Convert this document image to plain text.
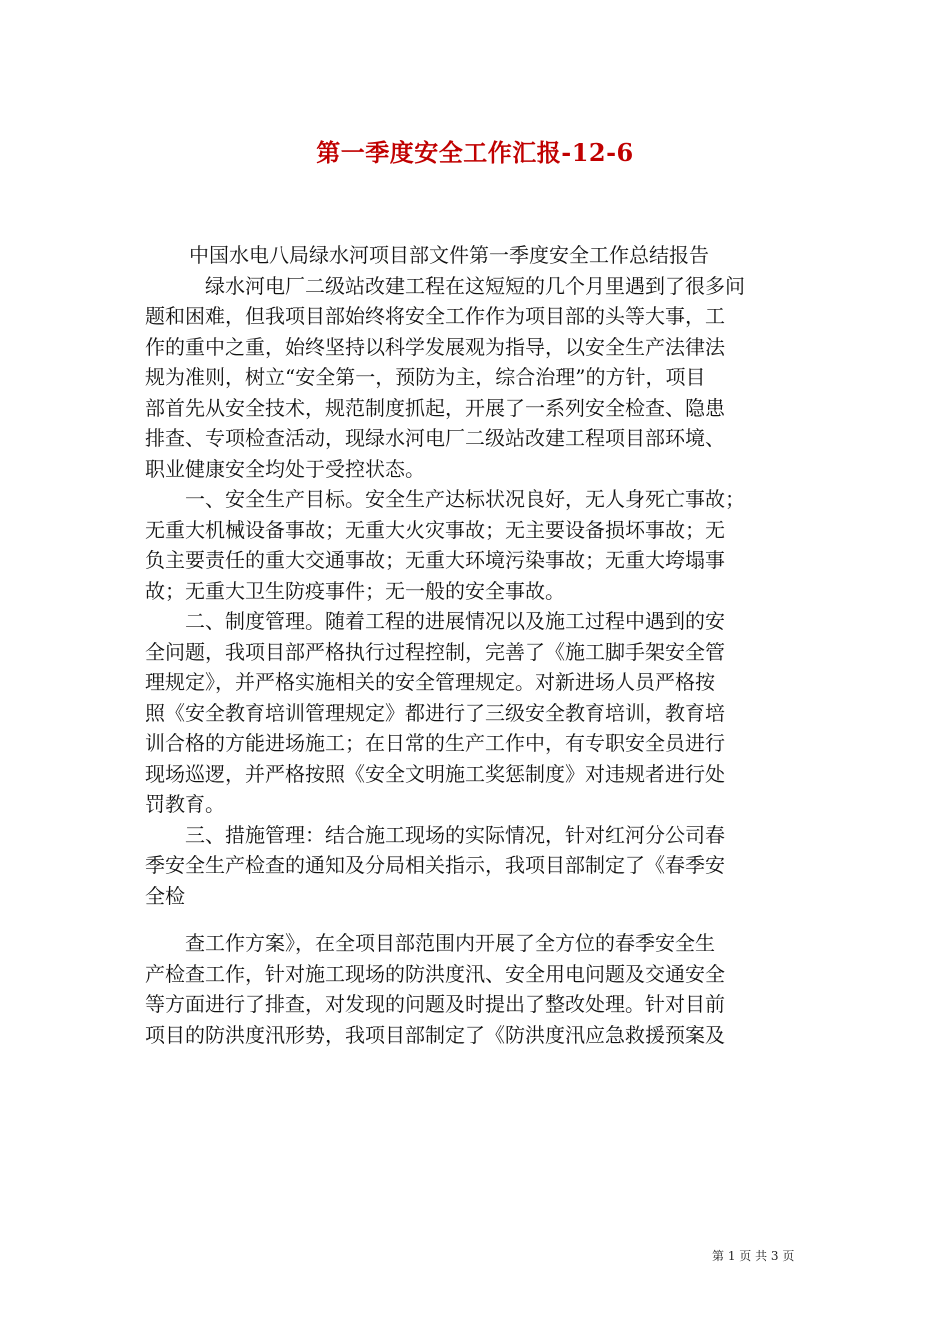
第一季度安全工作汇报-12-6
中国水电八局绿水河项目部文件第一季度安全工作总结报告
绿水河电厂二级站改建工程在这短短的几个月里遇到了很多问
题和困难，但我项目部始终将安全工作作为项目部的头等大事，工
作的重中之重，始终坚持以科学发展观为指导，以安全生产法律法
规为准则，树立“安全第一，预防为主，综合治理”的方针，项目
部首先从安全技术，规范制度抓起，开展了一系列安全检查、隐患
排查、专项检查活动，现绿水河电厂二级站改建工程项目部环境、
职业健康安全均处于受控状态。
一、安全生产目标。安全生产达标状况良好，无人身死亡事故；
无重大机械设备事故；无重大火灾事故；无主要设备损坏事故；无
负主要责任的重大交通事故；无重大环境污染事故；无重大垮塌事
故；无重大卫生防疫事件；无一般的安全事故。
二、制度管理。随着工程的进展情况以及施工过程中遇到的安
全问题，我项目部严格执行过程控制，完善了《施工脚手架安全管
理规定》，并严格实施相关的安全管理规定。对新进场人员严格按
照《安全教育培训管理规定》都进行了三级安全教育培训，教育培
训合格的方能进场施工；在日常的生产工作中，有专职安全员进行
现场巡逻，并严格按照《安全文明施工奖惩制度》对违规者进行处
罚教育。
三、措施管理：结合施工现场的实际情况，针对红河分公司春
季安全生产检查的通知及分局相关指示，我项目部制定了《春季安
全检
查工作方案》，在全项目部范围内开展了全方位的春季安全生
产检查工作，针对施工现场的防洪度汛、安全用电问题及交通安全
等方面进行了排查，对发现的问题及时提出了整改处理。针对目前
项目的防洪度汛形势，我项目部制定了《防洪度汛应急救援预案及
第 1 页 共 3 页
